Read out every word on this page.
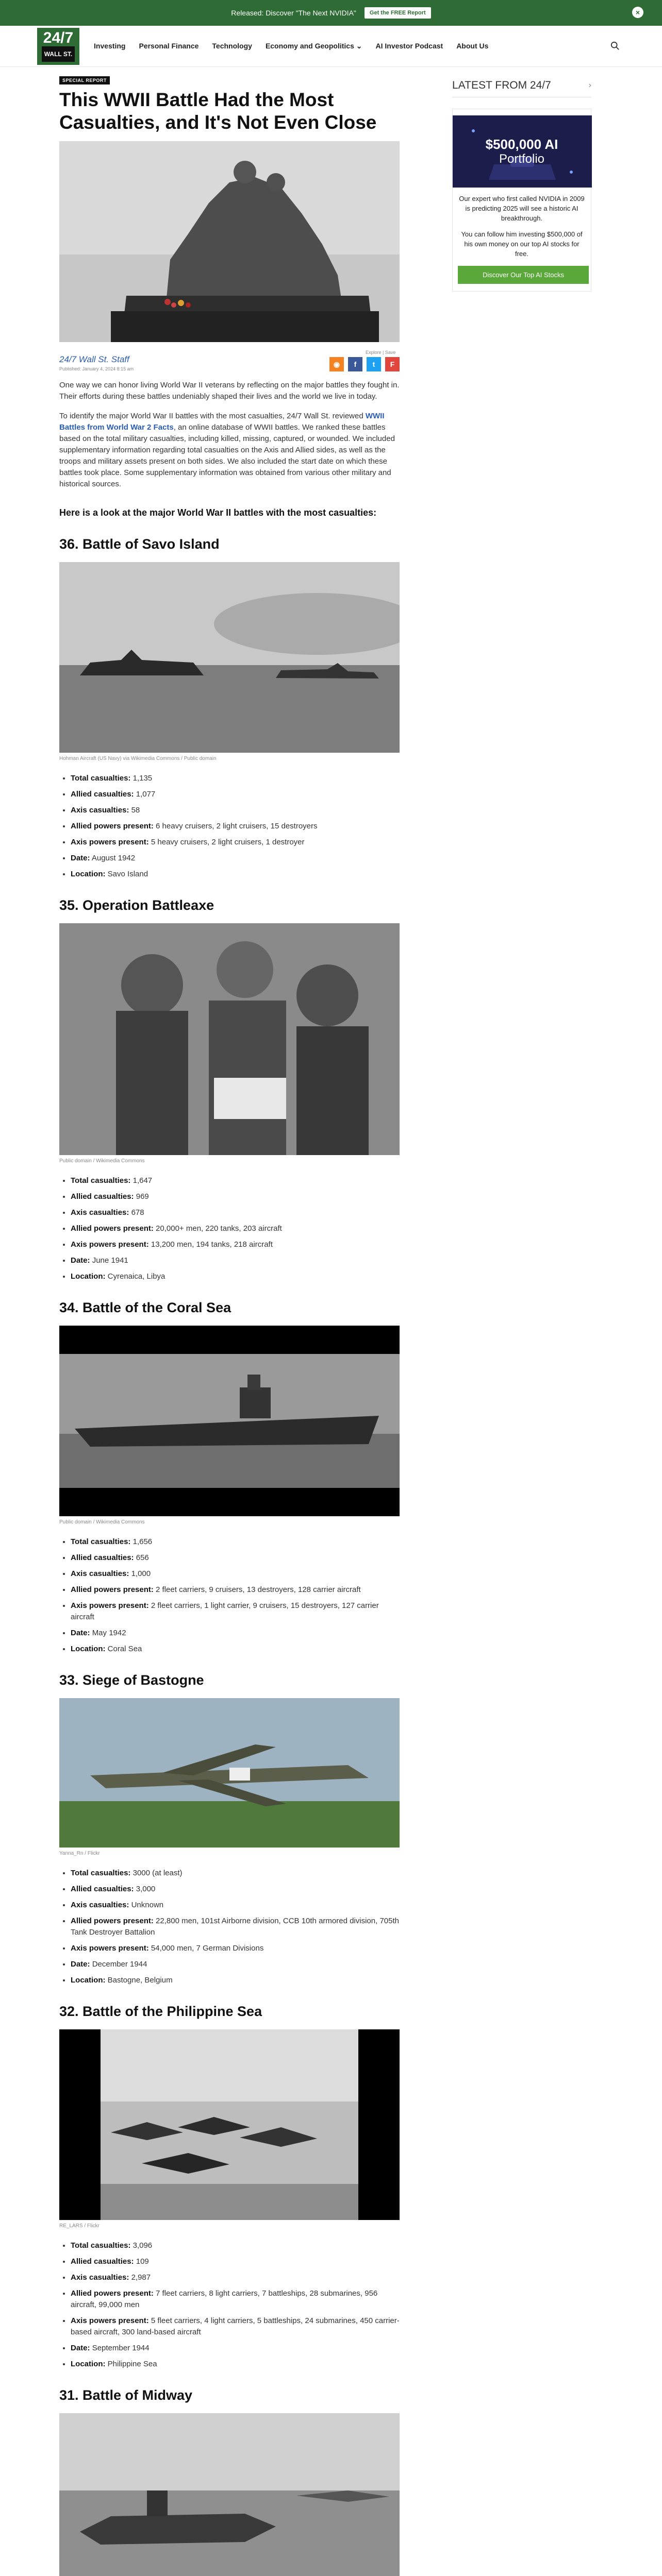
Released: Discover "The Next NVIDIA"	Get the FREE Report	×
24/7
WALL ST.
Investing Personal Finance Technology Economy and Geopolitics ⌄ AI Investor Podcast About Us
SPECIAL REPORT
This WWII Battle Had the Most Casualties, and It's Not Even Close
24/7 Wall St. Staff
Published: January 4, 2024 8:15 am
Explore | Save
◉	f	t	F

One way we can honor living World War II veterans by reflecting on the major battles they fought in. Their efforts during these battles undeniably shaped their lives and the world we live in today.

To identify the major World War II battles with the most casualties, 24/7 Wall St. reviewed WWII Battles from World War 2 Facts, an online database of WWII battles. We ranked these battles based on the total military casualties, including killed, missing, captured, or wounded. We included supplementary information regarding total casualties on the Axis and Allied sides, as well as the troops and military assets present on both sides. We also included the start date on which these battles took place. Some supplementary information was obtained from various other military and historical sources.

Here is a look at the major World War II battles with the most casualties:
36. Battle of Savo Island
Hohman Aircraft (US Navy) via Wikimedia Commons / Public domain
• Total casualties: 1,135
• Allied casualties: 1,077
• Axis casualties: 58
• Allied powers present: 6 heavy cruisers, 2 light cruisers, 15 destroyers
• Axis powers present: 5 heavy cruisers, 2 light cruisers, 1 destroyer
• Date: August 1942
• Location: Savo Island
35. Operation Battleaxe
Public domain / Wikimedia Commons
• Total casualties: 1,647
• Allied casualties: 969
• Axis casualties: 678
• Allied powers present: 20,000+ men, 220 tanks, 203 aircraft
• Axis powers present: 13,200 men, 194 tanks, 218 aircraft
• Date: June 1941
• Location: Cyrenaica, Libya
34. Battle of the Coral Sea
Public domain / Wikimedia Commons
• Total casualties: 1,656
• Allied casualties: 656
• Axis casualties: 1,000
• Allied powers present: 2 fleet carriers, 9 cruisers, 13 destroyers, 128 carrier aircraft
• Axis powers present: 2 fleet carriers, 1 light carrier, 9 cruisers, 15 destroyers, 127 carrier aircraft
• Date: May 1942
• Location: Coral Sea
33. Siege of Bastogne
Yanna_Rn / Flickr
• Total casualties: 3000 (at least)
• Allied casualties: 3,000
• Axis casualties: Unknown
• Allied powers present: 22,800 men, 101st Airborne division, CCB 10th armored division, 705th Tank Destroyer Battalion
• Axis powers present: 54,000 men, 7 German Divisions
• Date: December 1944
• Location: Bastogne, Belgium
32. Battle of the Philippine Sea
RE_LARS / Flickr
• Total casualties: 3,096
• Allied casualties: 109
• Axis casualties: 2,987
• Allied powers present: 7 fleet carriers, 8 light carriers, 7 battleships, 28 submarines, 956 aircraft, 99,000 men
• Axis powers present: 5 fleet carriers, 4 light carriers, 5 battleships, 24 submarines, 450 carrier-based aircraft, 300 land-based aircraft
• Date: September 1944
• Location: Philippine Sea
31. Battle of Midway
LATEST FROM 24/7	›
$500,000 AI
Portfolio

Our expert who first called NVIDIA in 2009 is predicting 2025 will see a historic AI breakthrough.

You can follow him investing $500,000 of his own money on our top AI stocks for free.

Discover Our Top AI Stocks
